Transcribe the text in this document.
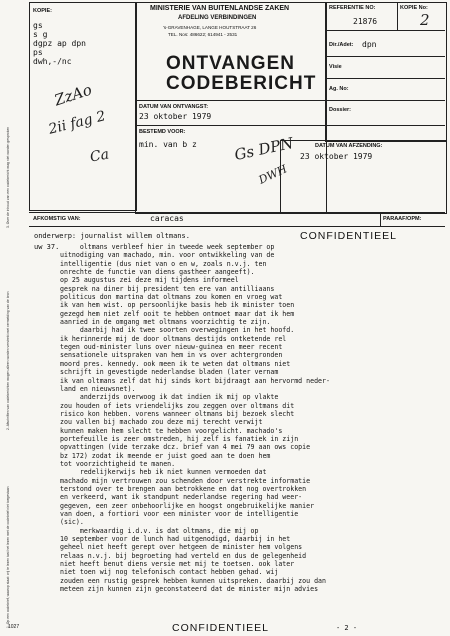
1. Op een codebrief, waarop staat: vrij te lezen tast het lezen met de codebrief niet toegestaan
2. Afschriften van codeberichten mogen alleen worden verstrekt met vermelding van de bron
3. Over de inhoud van een codebericht mag niet worden gesproken
KOPIE:
gs
s g
dgpz ap dpn
ps
dwh,-/nc
MINISTERIE VAN BUITENLANDSE ZAKEN
AFDELING VERBINDINGEN
's-GRAVENHAGE, LANGE HOUTSTRAAT 26
TEL. Nos: 486622; 614941 - 2531
ONTVANGEN
CODEBERICHT
DATUM VAN ONTVANGST:
23 oktober 1979
BESTEMD VOOR:
min. van b z	DATUM VAN AFZENDING:
23 oktober 1979
REFERENTIE NO:	KOPIE No:
21876	2
Dir./Adet: dpn
Visie
Ag. No:
Dossier:
AFKOMSTIG VAN:	caracas	PARAAF/OPM:
ZzAo
2ii fag 2
Ca	Gs DPN
DWH
onderwerp: journalist willem oltmans.	CONFIDENTIEEL
uw 37. oltmans verbleef hier in tweede week september op
uitnodiging van machado, min. voor ontwikkeling van de
intelligentie (dus niet van o en w, zoals n.v.j. ten
onrechte de functie van diens gastheer aangeeft).
op 25 augustus zei deze mij tijdens informeel
gesprek na diner bij president ten ere van antilliaans
politicus don martina dat oltmans zou komen en vroeg wat
ik van hem wist. op persoonlijke basis heb ik minister toen
gezegd hem niet zelf ooit te hebben ontmoet maar dat ik hem
aanried in de omgang met oltmans voorzichtig te zijn.
daarbij had ik twee soorten overwegingen in het hoofd.
ik herinnerde mij de door oltmans destijds ontketende rel
tegen oud-minister luns over nieuw-guinea en meer recent
sensationele uitspraken van hem in vs over achtergronden
moord pres. kennedy. ook meen ik te weten dat oltmans niet
schrijft in gevestigde nederlandse bladen (later vernam
ik van oltmans zelf dat hij sinds kort bijdraagt aan hervormd neder-
land en nieuwsnet).
anderzijds overwoog ik dat indien ik mij op vlakte
zou houden of iets vriendelijks zou zeggen over oltmans dit
risico kon hebben. vorens wanneer oltmans bij bezoek slecht
zou vallen bij machado zou deze mij terecht verwijt
kunnen maken hem slecht te hebben voorgelicht. machado's
portefeuille is zeer omstreden, hij zelf is fanatiek in zijn
opvattingen (vide terzake dcz. brief van 4 mei 79 aan ows copie
bz 172) zodat ik meende er juist goed aan te doen hem
tot voorzichtigheid te manen.
redelijkerwijs heb ik niet kunnen vermoeden dat
machado mijn vertrouwen zou schenden door verstrekte informatie
terstond over te brengen aan betrokkene en dat nog overtrokken
en verkeerd, want ik standpunt nederlandse regering had weer-
gegeven, een zeer onbehoorlijke en hoogst ongebruikelijke manier
van doen, a fortiori voor een minister voor de intelligentie
(sic).
merkwaardig i.d.v. is dat oltmans, die mij op
10 september voor de lunch had uitgenodigd, daarbij in het
geheel niet heeft gerept over hetgeen de minister hem volgens
relaas n.v.j. bij begroeting had verteld en dus de gelegenheid
niet heeft benut diens versie met mij te toetsen. ook later
niet toen wij nog telefonisch contact hebben gehad. wij
zouden een rustig gesprek hebben kunnen uitspreken. daarbij zou dan
meteen zijn kunnen zijn geconstateerd dat de minister mijn advies
1027	CONFIDENTIEEL	- 2 -
